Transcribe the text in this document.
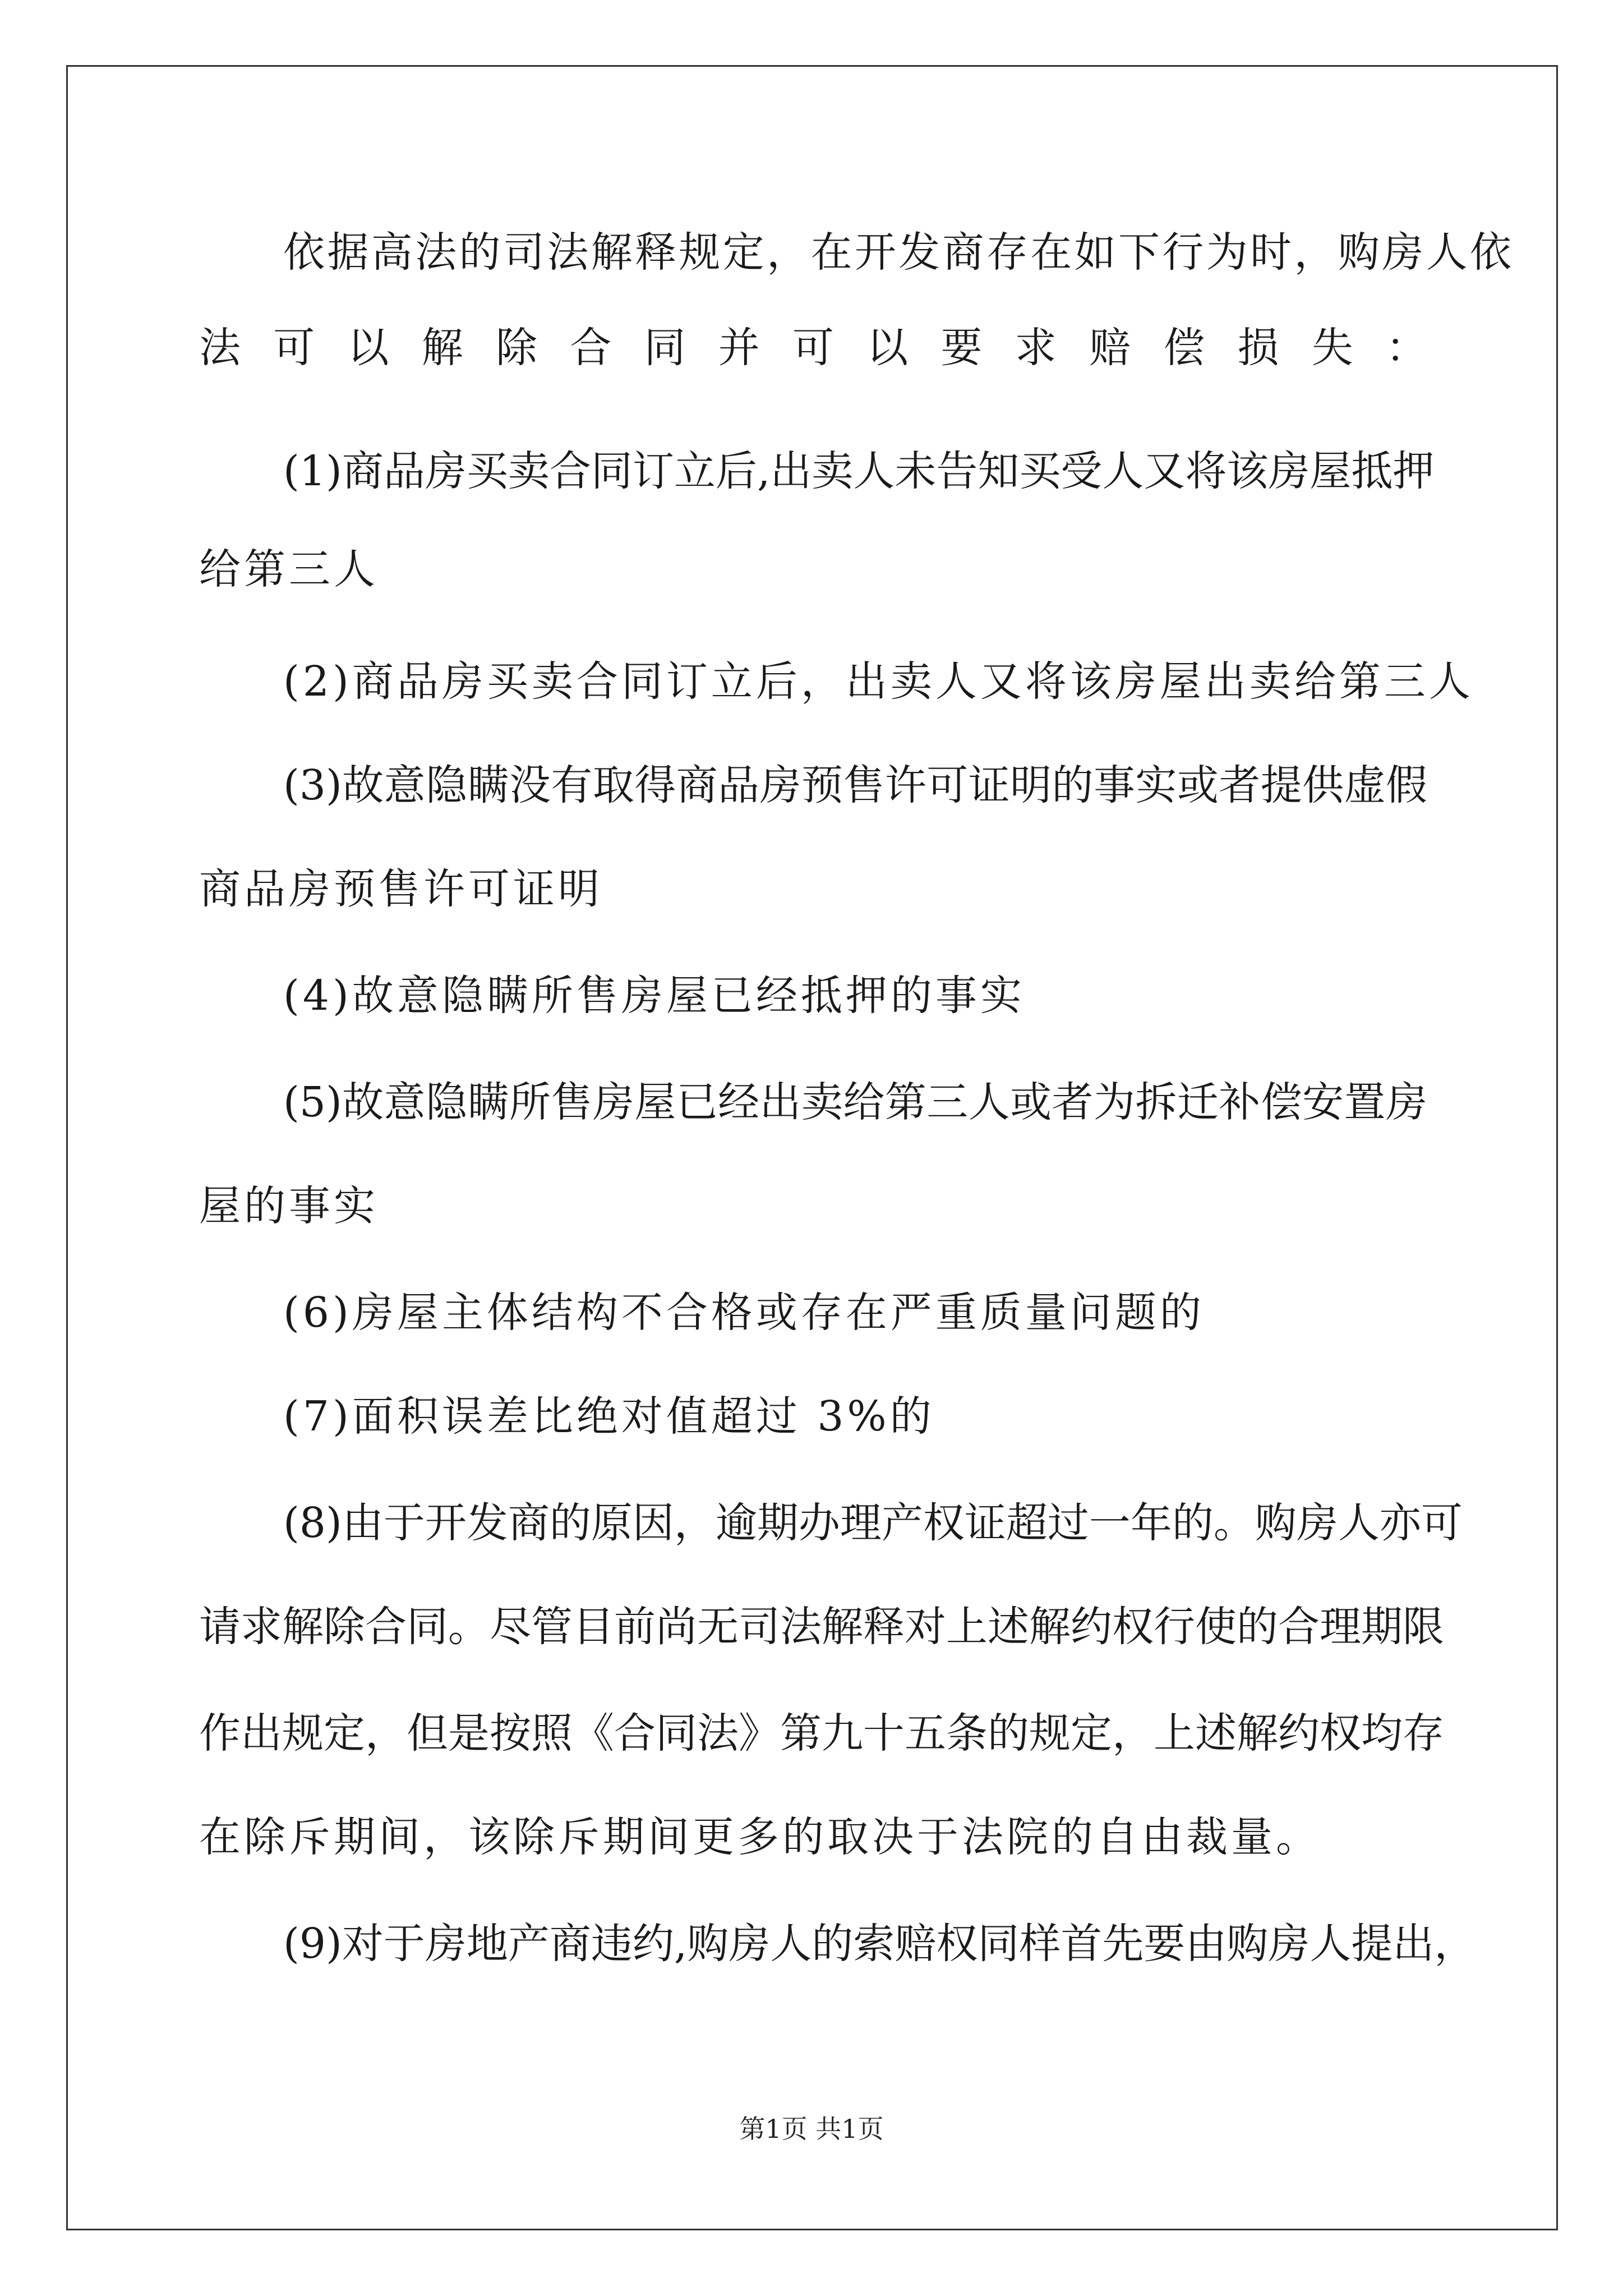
依据高法的司法解释规定，在开发商存在如下行为时，购房人依
法可以解除合同并可以要求赔偿损失：
(1)商品房买卖合同订立后,出卖人未告知买受人又将该房屋抵押
给第三人
(2)商品房买卖合同订立后，出卖人又将该房屋出卖给第三人
(3)故意隐瞒没有取得商品房预售许可证明的事实或者提供虚假
商品房预售许可证明
(4)故意隐瞒所售房屋已经抵押的事实
(5)故意隐瞒所售房屋已经出卖给第三人或者为拆迁补偿安置房
屋的事实
(6)房屋主体结构不合格或存在严重质量问题的
(7)面积误差比绝对值超过 3%的
(8)由于开发商的原因，逾期办理产权证超过一年的。购房人亦可
请求解除合同。尽管目前尚无司法解释对上述解约权行使的合理期限
作出规定，但是按照《合同法》第九十五条的规定，上述解约权均存
在除斥期间，该除斥期间更多的取决于法院的自由裁量。
(9)对于房地产商违约,购房人的索赔权同样首先要由购房人提出，
第1页 共1页
